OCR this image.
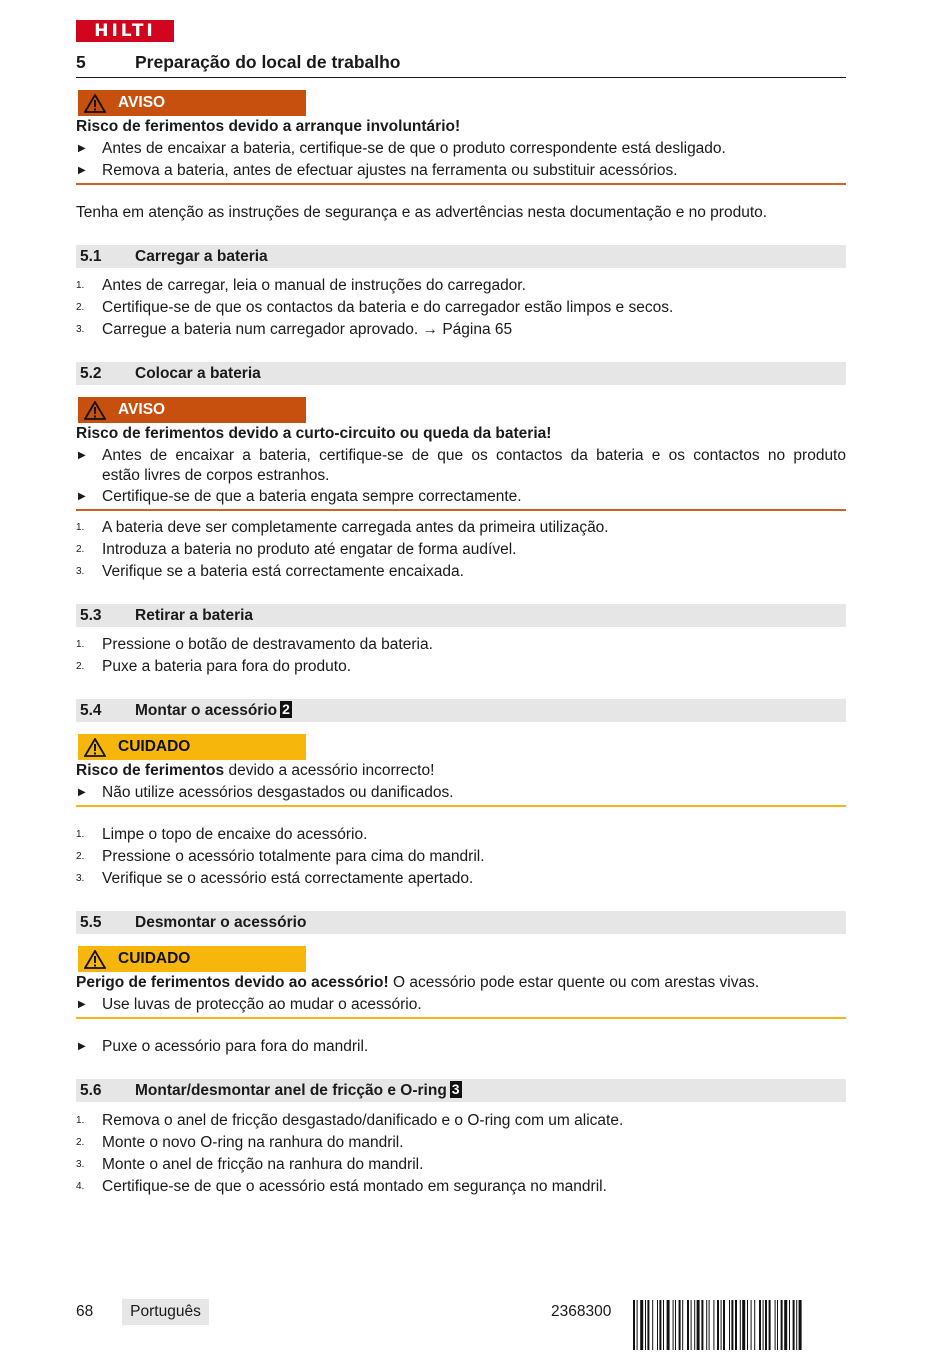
HILTI
5	Preparação do local de trabalho
AVISO
Risco de ferimentos devido a arranque involuntário!
▶ Antes de encaixar a bateria, certifique-se de que o produto correspondente está desligado.
▶ Remova a bateria, antes de efectuar ajustes na ferramenta ou substituir acessórios.
Tenha em atenção as instruções de segurança e as advertências nesta documentação e no produto.
5.1 Carregar a bateria
1. Antes de carregar, leia o manual de instruções do carregador.
2. Certifique-se de que os contactos da bateria e do carregador estão limpos e secos.
3. Carregue a bateria num carregador aprovado. → Página 65
5.2 Colocar a bateria
AVISO
Risco de ferimentos devido a curto-circuito ou queda da bateria!
▶ Antes de encaixar a bateria, certifique-se de que os contactos da bateria e os contactos no produto
estão livres de corpos estranhos.
▶ Certifique-se de que a bateria engata sempre correctamente.
1. A bateria deve ser completamente carregada antes da primeira utilização.
2. Introduza a bateria no produto até engatar de forma audível.
3. Verifique se a bateria está correctamente encaixada.
5.3 Retirar a bateria
1. Pressione o botão de destravamento da bateria.
2. Puxe a bateria para fora do produto.
5.4 Montar o acessório 2
CUIDADO
Risco de ferimentos devido a acessório incorrecto!
▶ Não utilize acessórios desgastados ou danificados.
1. Limpe o topo de encaixe do acessório.
2. Pressione o acessório totalmente para cima do mandril.
3. Verifique se o acessório está correctamente apertado.
5.5 Desmontar o acessório
CUIDADO
Perigo de ferimentos devido ao acessório! O acessório pode estar quente ou com arestas vivas.
▶ Use luvas de protecção ao mudar o acessório.
▶ Puxe o acessório para fora do mandril.
5.6 Montar/desmontar anel de fricção e O-ring 3
1. Remova o anel de fricção desgastado/danificado e o O-ring com um alicate.
2. Monte o novo O-ring na ranhura do mandril.
3. Monte o anel de fricção na ranhura do mandril.
4. Certifique-se de que o acessório está montado em segurança no mandril.
68	Português	2368300
